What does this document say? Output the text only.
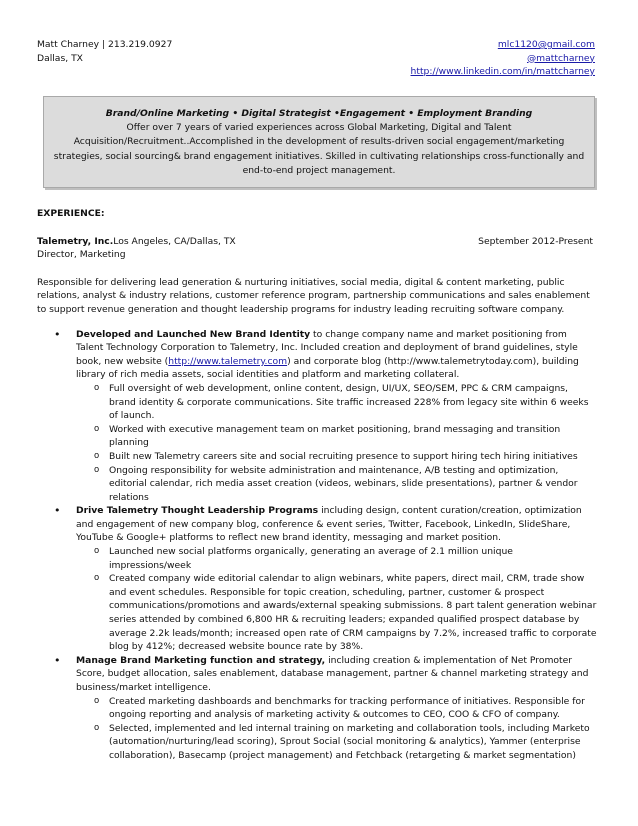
Matt Charney | 213.219.0927
Dallas, TX
mlc1120@gmail.com
@mattcharney
http://www.linkedin.com/in/mattcharney
Brand/Online Marketing • Digital Strategist •Engagement • Employment Branding
Offer over 7 years of varied experiences across Global Marketing, Digital and Talent
Acquisition/Recruitment..Accomplished in the development of results-driven social engagement/marketing
strategies, social sourcing& brand engagement initiatives. Skilled in cultivating relationships cross-functionally and
end-to-end project management.
EXPERIENCE:
Talemetry, Inc.Los Angeles, CA/Dallas, TX	September 2012-Present
Director, Marketing
Responsible for delivering lead generation & nurturing initiatives, social media, digital & content marketing, public relations, analyst & industry relations, customer reference program, partnership communications and sales enablement to support revenue generation and thought leadership programs for industry leading recruiting software company.
• Developed and Launched New Brand Identity to change company name and market positioning from Talent Technology Corporation to Talemetry, Inc. Included creation and deployment of brand guidelines, style book, new website (http://www.talemetry.com) and corporate blog (http://www.talemetrytoday.com), building library of rich media assets, social identities and platform and marketing collateral.
o Full oversight of web development, online content, design, UI/UX, SEO/SEM, PPC & CRM campaigns, brand identity & corporate communications. Site traffic increased 228% from legacy site within 6 weeks of launch.
o Worked with executive management team on market positioning, brand messaging and transition planning
o Built new Talemetry careers site and social recruiting presence to support hiring tech hiring initiatives
o Ongoing responsibility for website administration and maintenance, A/B testing and optimization, editorial calendar, rich media asset creation (videos, webinars, slide presentations), partner & vendor relations
• Drive Talemetry Thought Leadership Programs including design, content curation/creation, optimization and engagement of new company blog, conference & event series, Twitter, Facebook, LinkedIn, SlideShare, YouTube & Google+ platforms to reflect new brand identity, messaging and market position.
o Launched new social platforms organically, generating an average of 2.1 million unique impressions/week
o Created company wide editorial calendar to align webinars, white papers, direct mail, CRM, trade show and event schedules. Responsible for topic creation, scheduling, partner, customer & prospect communications/promotions and awards/external speaking submissions. 8 part talent generation webinar series attended by combined 6,800 HR & recruiting leaders; expanded qualified prospect database by average 2.2k leads/month; increased open rate of CRM campaigns by 7.2%, increased traffic to corporate blog by 412%; decreased website bounce rate by 38%.
• Manage Brand Marketing function and strategy, including creation & implementation of Net Promoter Score, budget allocation, sales enablement, database management, partner & channel marketing strategy and business/market intelligence.
o Created marketing dashboards and benchmarks for tracking performance of initiatives. Responsible for ongoing reporting and analysis of marketing activity & outcomes to CEO, COO & CFO of company.
o Selected, implemented and led internal training on marketing and collaboration tools, including Marketo (automation/nurturing/lead scoring), Sprout Social (social monitoring & analytics), Yammer (enterprise collaboration), Basecamp (project management) and Fetchback (retargeting & market segmentation)
